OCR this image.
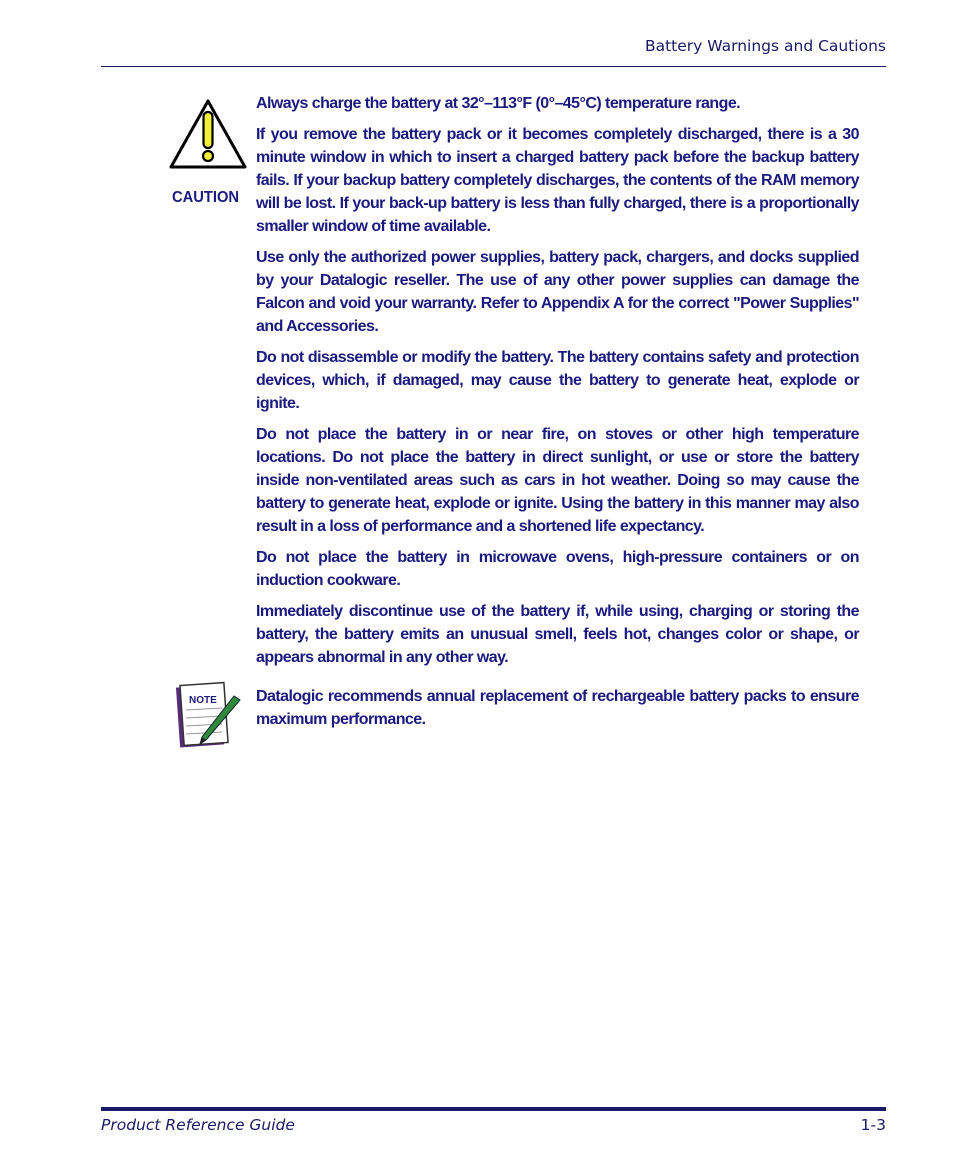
Battery Warnings and Cautions
CAUTION

Always charge the battery at 32°–113°F (0°–45°C) temperature range.

If you remove the battery pack or it becomes completely discharged, there is a 30 minute window in which to insert a charged battery pack before the backup battery fails. If your backup battery completely discharges, the contents of the RAM memory will be lost. If your back-up battery is less than fully charged, there is a proportionally smaller window of time available.

Use only the authorized power supplies, battery pack, chargers, and docks supplied by your Datalogic reseller. The use of any other power supplies can damage the Falcon and void your warranty. Refer to Appendix A for the correct "Power Supplies" and Accessories.

Do not disassemble or modify the battery. The battery contains safety and protection devices, which, if damaged, may cause the battery to generate heat, explode or ignite.

Do not place the battery in or near fire, on stoves or other high temperature locations. Do not place the battery in direct sunlight, or use or store the battery inside non-ventilated areas such as cars in hot weather. Doing so may cause the battery to generate heat, explode or ignite. Using the battery in this manner may also result in a loss of performance and a shortened life expectancy.

Do not place the battery in microwave ovens, high-pressure containers or on induction cookware.

Immediately discontinue use of the battery if, while using, charging or storing the battery, the battery emits an unusual smell, feels hot, changes color or shape, or appears abnormal in any other way.

NOTE Datalogic recommends annual replacement of rechargeable battery packs to ensure maximum performance.

Product Reference Guide	1-3
